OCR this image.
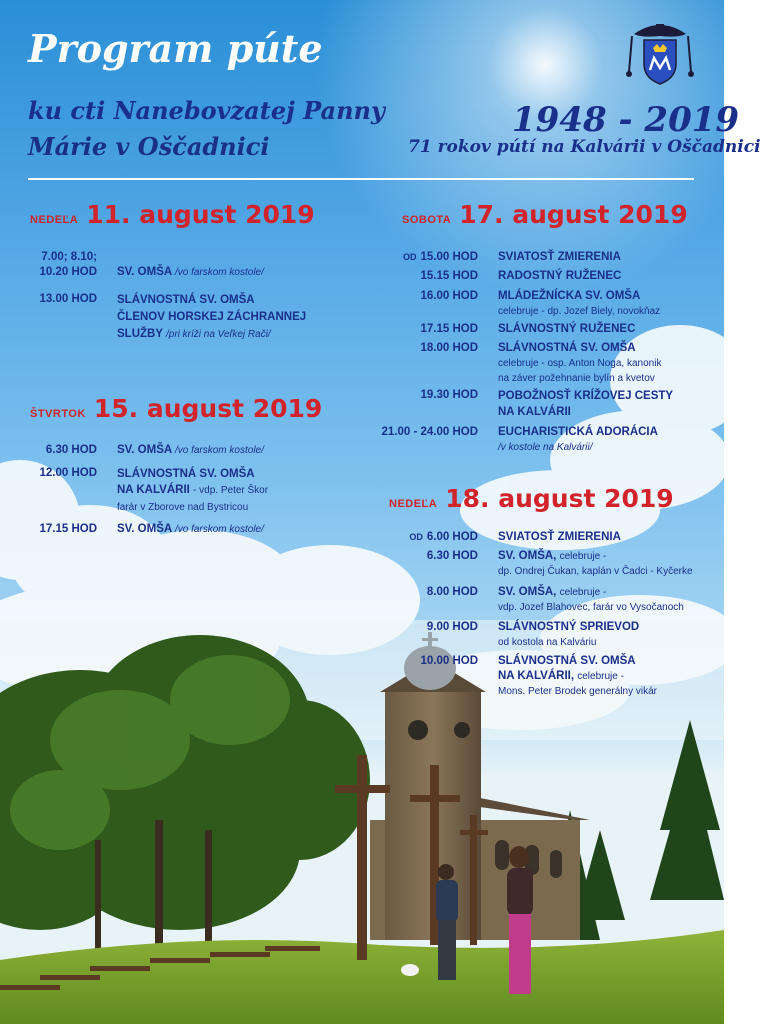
Program púte
ku cti Nanebovzatej Panny
Márie v Oščadnici
1948 - 2019
71 rokov pútí na Kalvárii v Oščadnici
NEDEĽA 11. august 2019
7.00; 8.10;
10.20 HOD SV. OMŠA /vo farskom kostole/
13.00 HOD SLÁVNOSTNÁ SV. OMŠA
ČLENOV HORSKEJ ZÁCHRANNEJ
SLUŽBY /pri kríži na Veľkej Rači/
ŠTVRTOK 15. august 2019
6.30 HOD SV. OMŠA /vo farskom kostole/
12.00 HOD SLÁVNOSTNÁ SV. OMŠA
NA KALVÁRII - vdp. Peter Škor
farár v Zborove nad Bystricou
17.15 HOD SV. OMŠA /vo farskom kostole/
SOBOTA 17. august 2019
OD 15.00 HOD SVIATOSŤ ZMIERENIA
15.15 HOD RADOSTNÝ RUŽENEC
16.00 HOD MLÁDEŽNÍCKA SV. OMŠA
celebruje - dp. Jozef Biely, novokňaz
17.15 HOD SLÁVNOSTNÝ RUŽENEC
18.00 HOD SLÁVNOSTNÁ SV. OMŠA
celebruje - osp. Anton Noga, kanonik
na záver požehnanie bylín a kvetov
19.30 HOD POBOŽNOSŤ KRÍŽOVEJ CESTY
NA KALVÁRII
21.00 - 24.00 HOD EUCHARISTICKÁ ADORÁCIA
/v kostole na Kalvárii/
NEDEĽA 18. august 2019
OD 6.00 HOD SVIATOSŤ ZMIERENIA
6.30 HOD SV. OMŠA, celebruje -
dp. Ondrej Čukan, kaplán v Čadci - Kyčerke
8.00 HOD SV. OMŠA, celebruje -
vdp. Jozef Blahovec, farár vo Vysočanoch
9.00 HOD SLÁVNOSTNÝ SPRIEVOD
od kostola na Kalváriu
10.00 HOD SLÁVNOSTNÁ SV. OMŠA
NA KALVÁRII, celebruje -
Mons. Peter Brodek generálny vikár
